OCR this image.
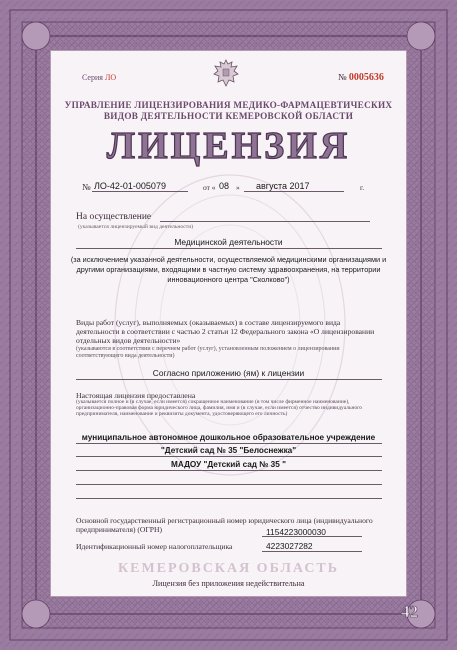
Серия ЛО	№ 0005636

УПРАВЛЕНИЕ ЛИЦЕНЗИРОВАНИЯ МЕДИКО-ФАРМАЦЕВТИЧЕСКИХ

ВИДОВ ДЕЯТЕЛЬНОСТИ КЕМЕРОВСКОЙ ОБЛАСТИ

ЛИЦЕНЗИЯ

№ ЛО-42-01-005079	от « 08 » августа 2017	г.

На осуществление

(указывается лицензируемый вид деятельности)

Медицинской деятельности

(за исключением указанной деятельности, осуществляемой медицинскими организациями и другими организациями, входящими в частную систему здравоохранения, на территории инновационного центра "Сколково")

Виды работ (услуг), выполняемых (оказываемых) в составе лицензируемого вида деятельности в соответствии с частью 2 статьи 12 Федерального закона «О лицензировании отдельных видов деятельности»

(указываются в соответствии с перечнем работ (услуг), установленным положением о лицензировании соответствующего вида деятельности)

Согласно приложению (ям) к лицензии

Настоящая лицензия предоставлена

(указывается полное и (в случае, если имеется) сокращенное наименование (в том числе фирменное наименование), организационно-правовая форма юридического лица, фамилия, имя и (в случае, если имеется) отчество индивидуального предпринимателя, наименование и реквизиты документа, удостоверяющего его личность)

муниципальное автономное дошкольное образовательное учреждение

"Детский сад № 35 "Белоснежка"

МАДОУ "Детский сад № 35 "

Основной государственный регистрационный номер юридического лица (индивидуального предпринимателя) (ОГРН)	1154223000030

Идентификационный номер налогоплательщика	4223027282

КЕМЕРОВСКАЯ ОБЛАСТЬ

Лицензия без приложения недействительна

42
